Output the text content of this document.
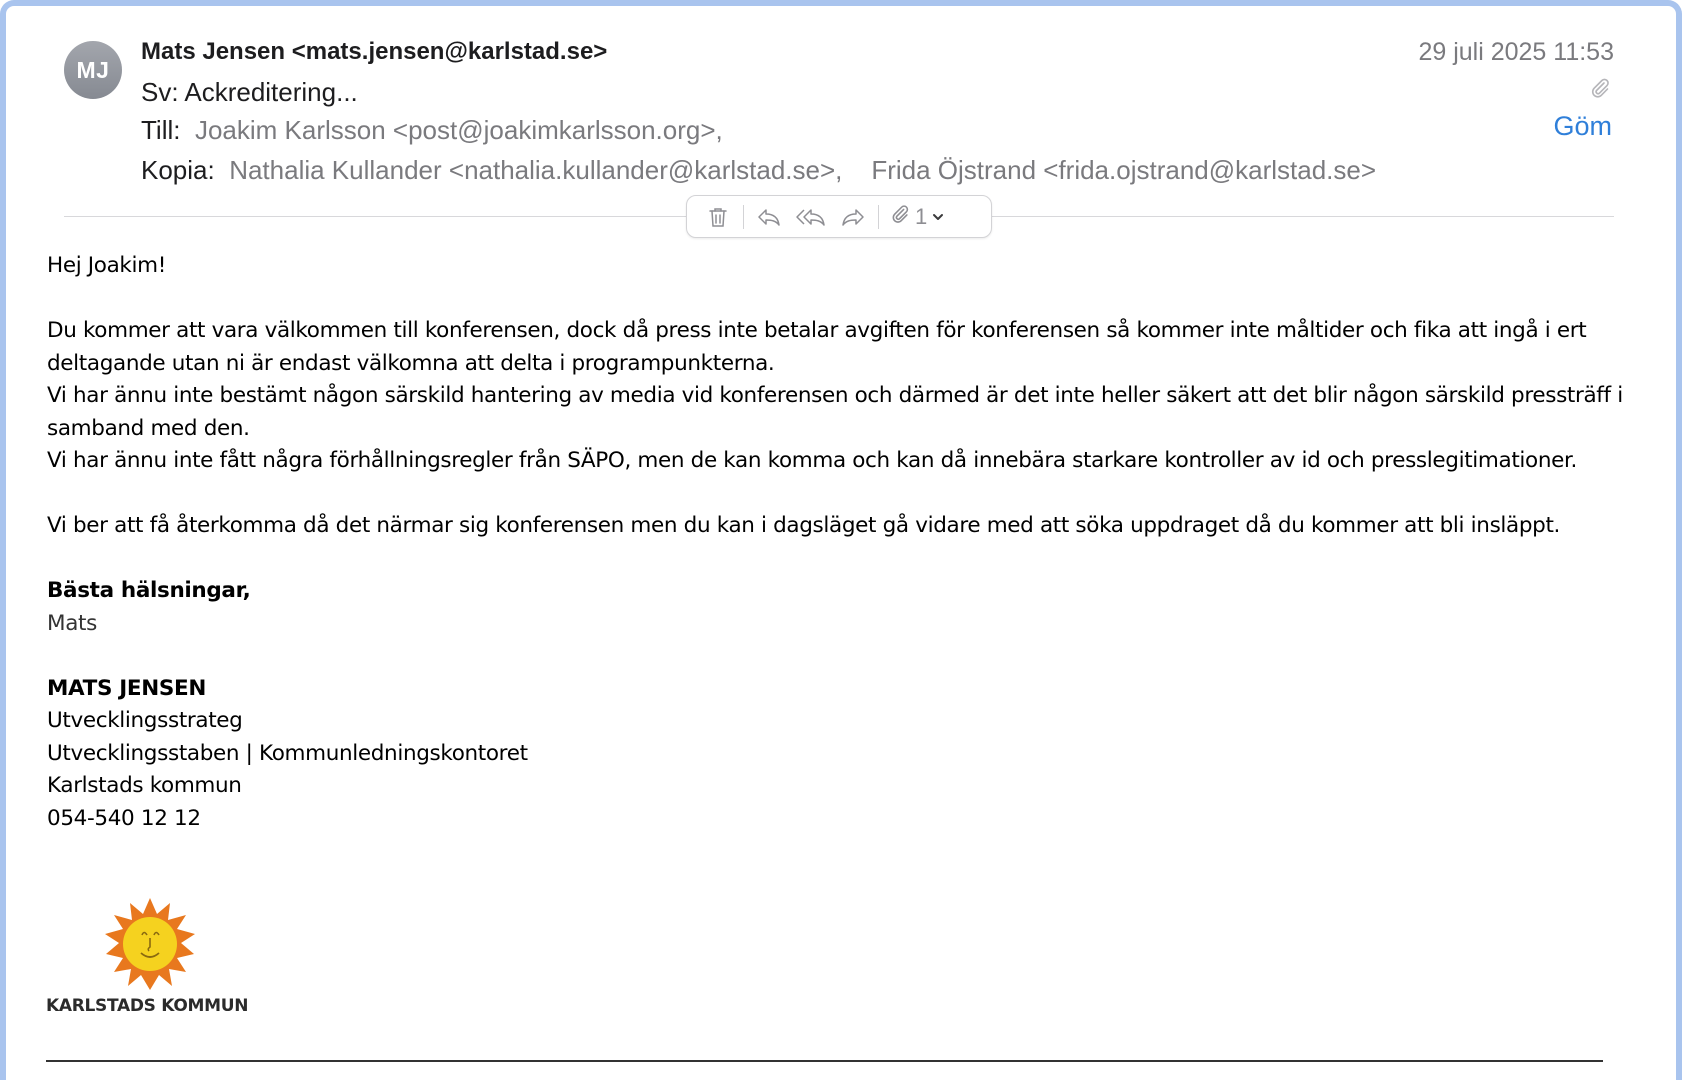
MJ
Mats Jensen <mats.jensen@karlstad.se>
Sv: Ackreditering...
Till: Joakim Karlsson <post@joakimkarlsson.org>,
Kopia: Nathalia Kullander <nathalia.kullander@karlstad.se>, Frida Öjstrand <frida.ojstrand@karlstad.se>
29 juli 2025 11:53
Göm
1

Hej Joakim!

Du kommer att vara välkommen till konferensen, dock då press inte betalar avgiften för konferensen så kommer inte måltider och fika att ingå i ert deltagande utan ni är endast välkomna att delta i programpunkterna.

Vi har ännu inte bestämt någon särskild hantering av media vid konferensen och därmed är det inte heller säkert att det blir någon särskild pressträff i samband med den.

Vi har ännu inte fått några förhållningsregler från SÄPO, men de kan komma och kan då innebära starkare kontroller av id och presslegitimationer.

Vi ber att få återkomma då det närmar sig konferensen men du kan i dagsläget gå vidare med att söka uppdraget då du kommer att bli insläppt.

Bästa hälsningar,

Mats

MATS JENSEN

Utvecklingsstrateg

Utvecklingsstaben | Kommunledningskontoret

Karlstads kommun

054-540 12 12

KARLSTADS KOMMUN
